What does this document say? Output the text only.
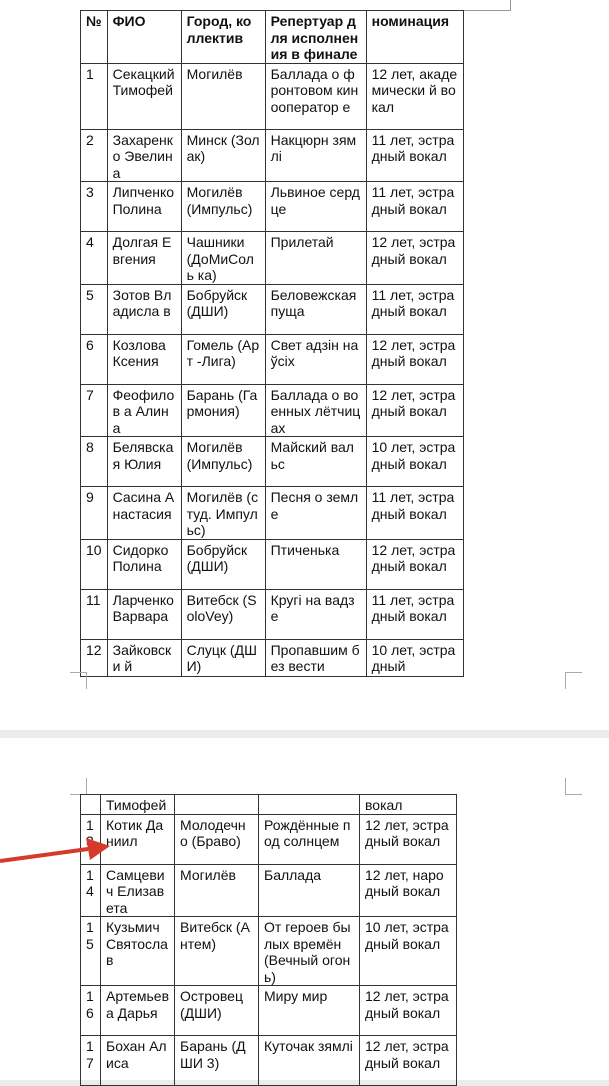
№	ФИО	Город, коллектив	Репертуар для исполнения в финале	номинация
1	Секацкий Тимофей	Могилёв	Баллада о фронтовом кинооператор е	12 лет, академически й вокал
2	Захаренко Эвелина	Минск (Золак)	Накцюрн зямлі	11 лет, эстрадный вокал
3	Липченко Полина	Могилёв (Импульс)	Львиное сердце	11 лет, эстрадный вокал
4	Долгая Евгения	Чашники (ДоМиСоль ка)	Прилетай	12 лет, эстрадный вокал
5	Зотов Владисла в	Бобруйск (ДШИ)	Беловежская пуща	11 лет, эстрадный вокал
6	Козлова Ксения	Гомель (Арт -Лига)	Свет адзін на ўсіх	12 лет, эстрадный вокал
7	Феофилов а Алина	Барань (Гармония)	Баллада о военных лётчицах	12 лет, эстрадный вокал
8	Белявская Юлия	Могилёв (Импульс)	Майский вальс	10 лет, эстрадный вокал
9	Сасина Анастасия	Могилёв (студ. Импульс)	Песня о земле	11 лет, эстрадный вокал
10	Сидорко Полина	Бобруйск (ДШИ)	Птиченька	12 лет, эстрадный вокал
11	Ларченко Варвара	Витебск (SoloVey)	Кругі на вадзе	11 лет, эстрадный вокал
12	Зайковски й	Слуцк (ДШИ)	Пропавшим без вести	10 лет, эстрадный
	Тимофей			вокал
1	Котик Даниил	Молодечно (Браво)	Рождённые под солнцем	12 лет, эстрадный вокал
14	Самцевич Елизавета	Могилёв	Баллада	12 лет, народный вокал
15	Кузьмич Святослав	Витебск (Антем)	От героев былых времён (Вечный огонь)	10 лет, эстрадный вокал
16	Артемьев а Дарья	Островец (ДШИ)	Миру мир	12 лет, эстрадный вокал
17	Бохан Алиса	Барань (ДШИ 3)	Куточак зямлі	12 лет, эстрадный вокал
